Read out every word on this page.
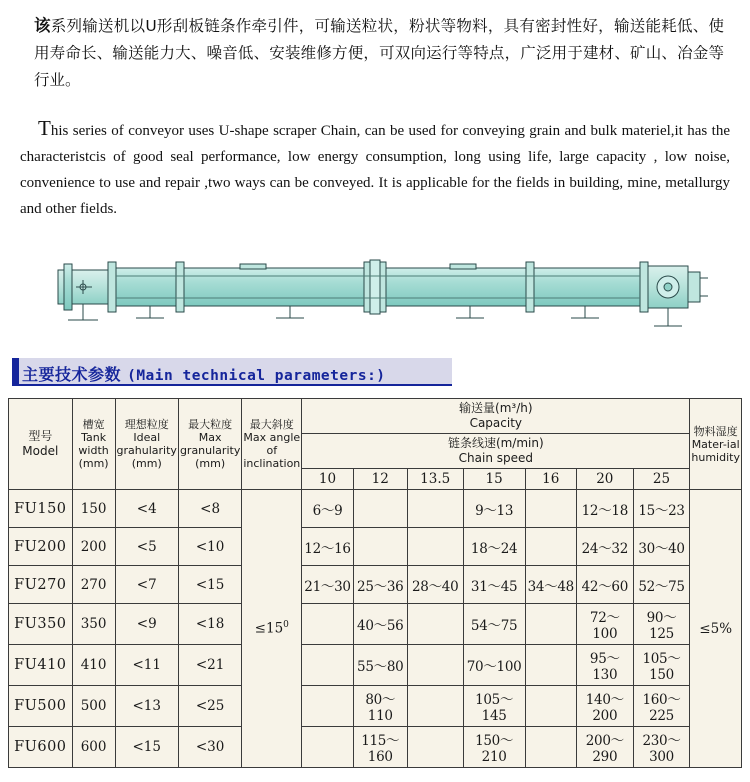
该系列输送机以U形刮板链条作牵引件，可输送粒状，粉状等物料，具有密封性好，输送能耗低、使用寿命长、输送能力大、噪音低、安装维修方便，可双向运行等特点，广泛用于建材、矿山、冶金等行业。
This series of conveyor uses U-shape scraper Chain, can be used for conveying grain and bulk materiel,it has the characteristcis of good seal performance, low energy consumption, long using life, large capacity , low noise, convenience to use and repair ,two ways can be conveyed. It is applicable for the fields in building, mine, metallurgy and other fields.
主要技术参数 (Main technical parameters:)
型号
Model

槽宽
Tank width
(mm)

理想粒度
Ideal grahularity
(mm)

最大粒度
Max granularity
(mm)

最大斜度
Max angle of inclination

输送量(m³/h)
Capacity

物料湿度
Mater-ial humidity

					链条线速(m/min)
Chain speed							

					10	12	13.5	15	16	20	25	
FU150	150	<4	<8	$\le 15^0$	6～9			9～13		12～18	15～23	≤5%
FU200	200	<5	<10		12～16			18～24		24～32	30～40	
FU270	270	<7	<15		21～30	25～36	28～40	31～45	34～48	42～60	52～75	
FU350	350	<9	<18			40～56		54～75		72～100	90～125	
FU410	410	<11	<21			55～80		70～100		95～130	105～150	
FU500	500	<13	<25			80～110		105～145		140～200	160～225	
FU600	600	<15	<30			115～160		150～210		200～290	230～300	
